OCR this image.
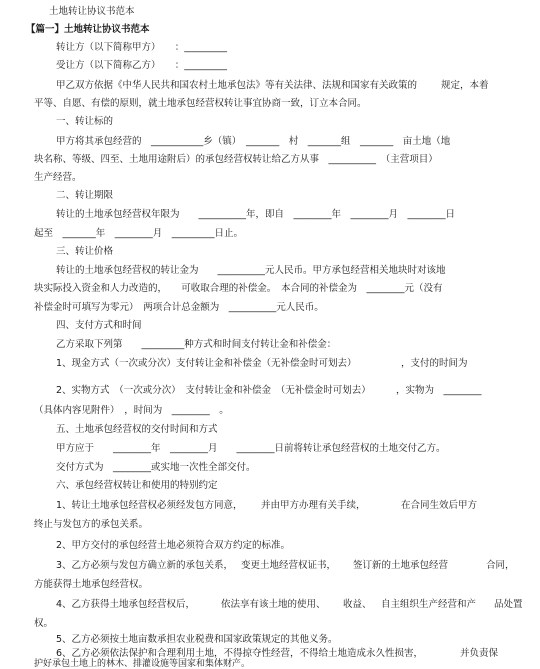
土地转让协议书范本
【篇一】土地转让协议书范本
转让方（以下简称甲方）　　：_________
受让方（以下简称乙方）　　：_________
甲乙双方依据《中华人民共和国农村土地承包法》等有关法律、法规和国家有关政策的	规定，本着
平等、自愿、有偿的原则，就土地承包经营权转让事宜协商一致，订立本合同。
一、转让标的
甲方将其承包经营的　___________乡（镇）　_______　村　_______组　_______　亩土地（地
块名称、等级、四至、土地用途附后）的承包经营权转让给乙方从事　__________　（主营项目）
生产经营。
二、转让期限
转让的土地承包经营权年限为　　__________年，即自　________年　________月　________日
起至　_______年　________月　_________日止。
三、转让价格
转让的土地承包经营权的转让金为　　__________元人民币。甲方承包经营相关地块时对该地
块实际投入资金和人力改造的，　　可收取合理的补偿金。　本合同的补偿金为　________元（没有
补偿金时可填写为零元）　两项合计总金额为　__________元人民币。
四、支付方式和时间
乙方采取下列第　　_________种方式和时间支付转让金和补偿金：
1、现金方式（一次或分次）支付转让金和补偿金（无补偿金时可划去）	，支付的时间为
2、实物方式　（一次或分次）　支付转让金和补偿金　（无补偿金时可划去）	，实物为　________
（具体内容见附件）　，时间为　________　。
五、土地承包经营权的交付时间和方式
甲方应于　　________年　________月　　________日前将转让承包经营权的土地交付乙方。
交付方式为　________或实地一次性全部交付。
六、承包经营权转让和使用的特别约定
1、转让土地承包经营权必须经发包方同意， 并由甲方办理有关手续，	在合同生效后甲方
终止与发包方的承包关系。
2、甲方交付的承包经营土地必须符合双方约定的标准。
3、乙方必须与发包方确立新的承包关系， 变更土地经营权证书， 签订新的土地承包经营	合同，
方能获得土地承包经营权。
4、乙方获得土地承包经营权后，	依法享有该土地的使用、 收益、 自主组织生产经营和产 品处置
权。
5、乙方必须按土地亩数承担农业税费和国家政策规定的其他义务。
6、乙方必须依法保护和合理利用土地，不得掠夺性经营，不得给土地造成永久性损害，	并负责保
护好承包土地上的林木、排灌设施等国家和集体财产。
